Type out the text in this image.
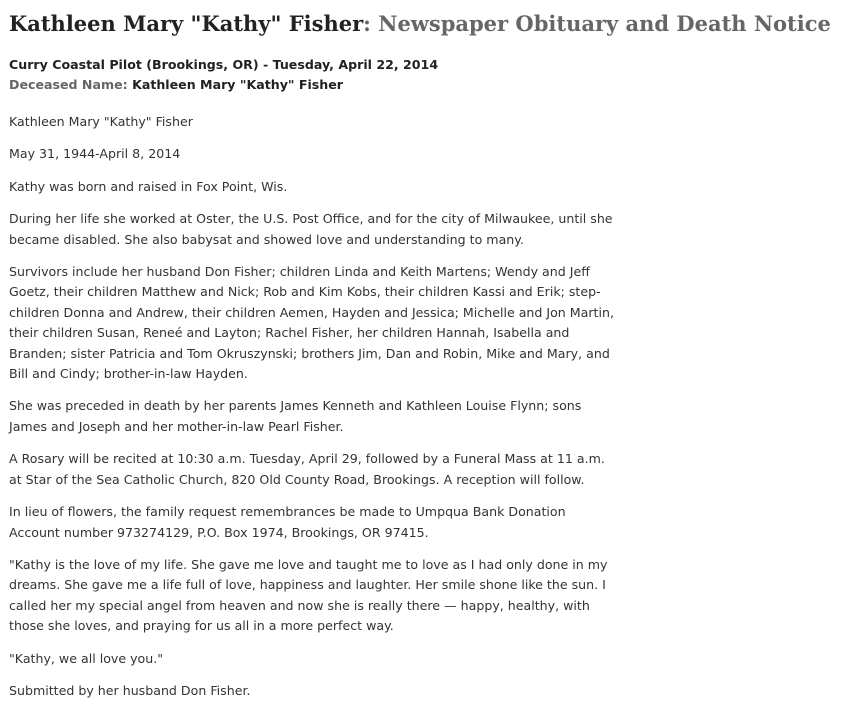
Kathleen Mary "Kathy" Fisher: Newspaper Obituary and Death Notice
Curry Coastal Pilot (Brookings, OR) - Tuesday, April 22, 2014
Deceased Name: Kathleen Mary "Kathy" Fisher

Kathleen Mary "Kathy" Fisher

May 31, 1944-April 8, 2014

Kathy was born and raised in Fox Point, Wis.

During her life she worked at Oster, the U.S. Post Office, and for the city of Milwaukee, until she became disabled. She also babysat and showed love and understanding to many.

Survivors include her husband Don Fisher; children Linda and Keith Martens; Wendy and Jeff Goetz, their children Matthew and Nick; Rob and Kim Kobs, their children Kassi and Erik; step- children Donna and Andrew, their children Aemen, Hayden and Jessica; Michelle and Jon Martin, their children Susan, Reneé and Layton; Rachel Fisher, her children Hannah, Isabella and Branden; sister Patricia and Tom Okruszynski; brothers Jim, Dan and Robin, Mike and Mary, and Bill and Cindy; brother-in-law Hayden.

She was preceded in death by her parents James Kenneth and Kathleen Louise Flynn; sons James and Joseph and her mother-in-law Pearl Fisher.

A Rosary will be recited at 10:30 a.m. Tuesday, April 29, followed by a Funeral Mass at 11 a.m. at Star of the Sea Catholic Church, 820 Old County Road, Brookings. A reception will follow.

In lieu of flowers, the family request remembrances be made to Umpqua Bank Donation Account number 973274129, P.O. Box 1974, Brookings, OR 97415.

"Kathy is the love of my life. She gave me love and taught me to love as I had only done in my dreams. She gave me a life full of love, happiness and laughter. Her smile shone like the sun. I called her my special angel from heaven and now she is really there — happy, healthy, with those she loves, and praying for us all in a more perfect way.

"Kathy, we all love you."

Submitted by her husband Don Fisher.
